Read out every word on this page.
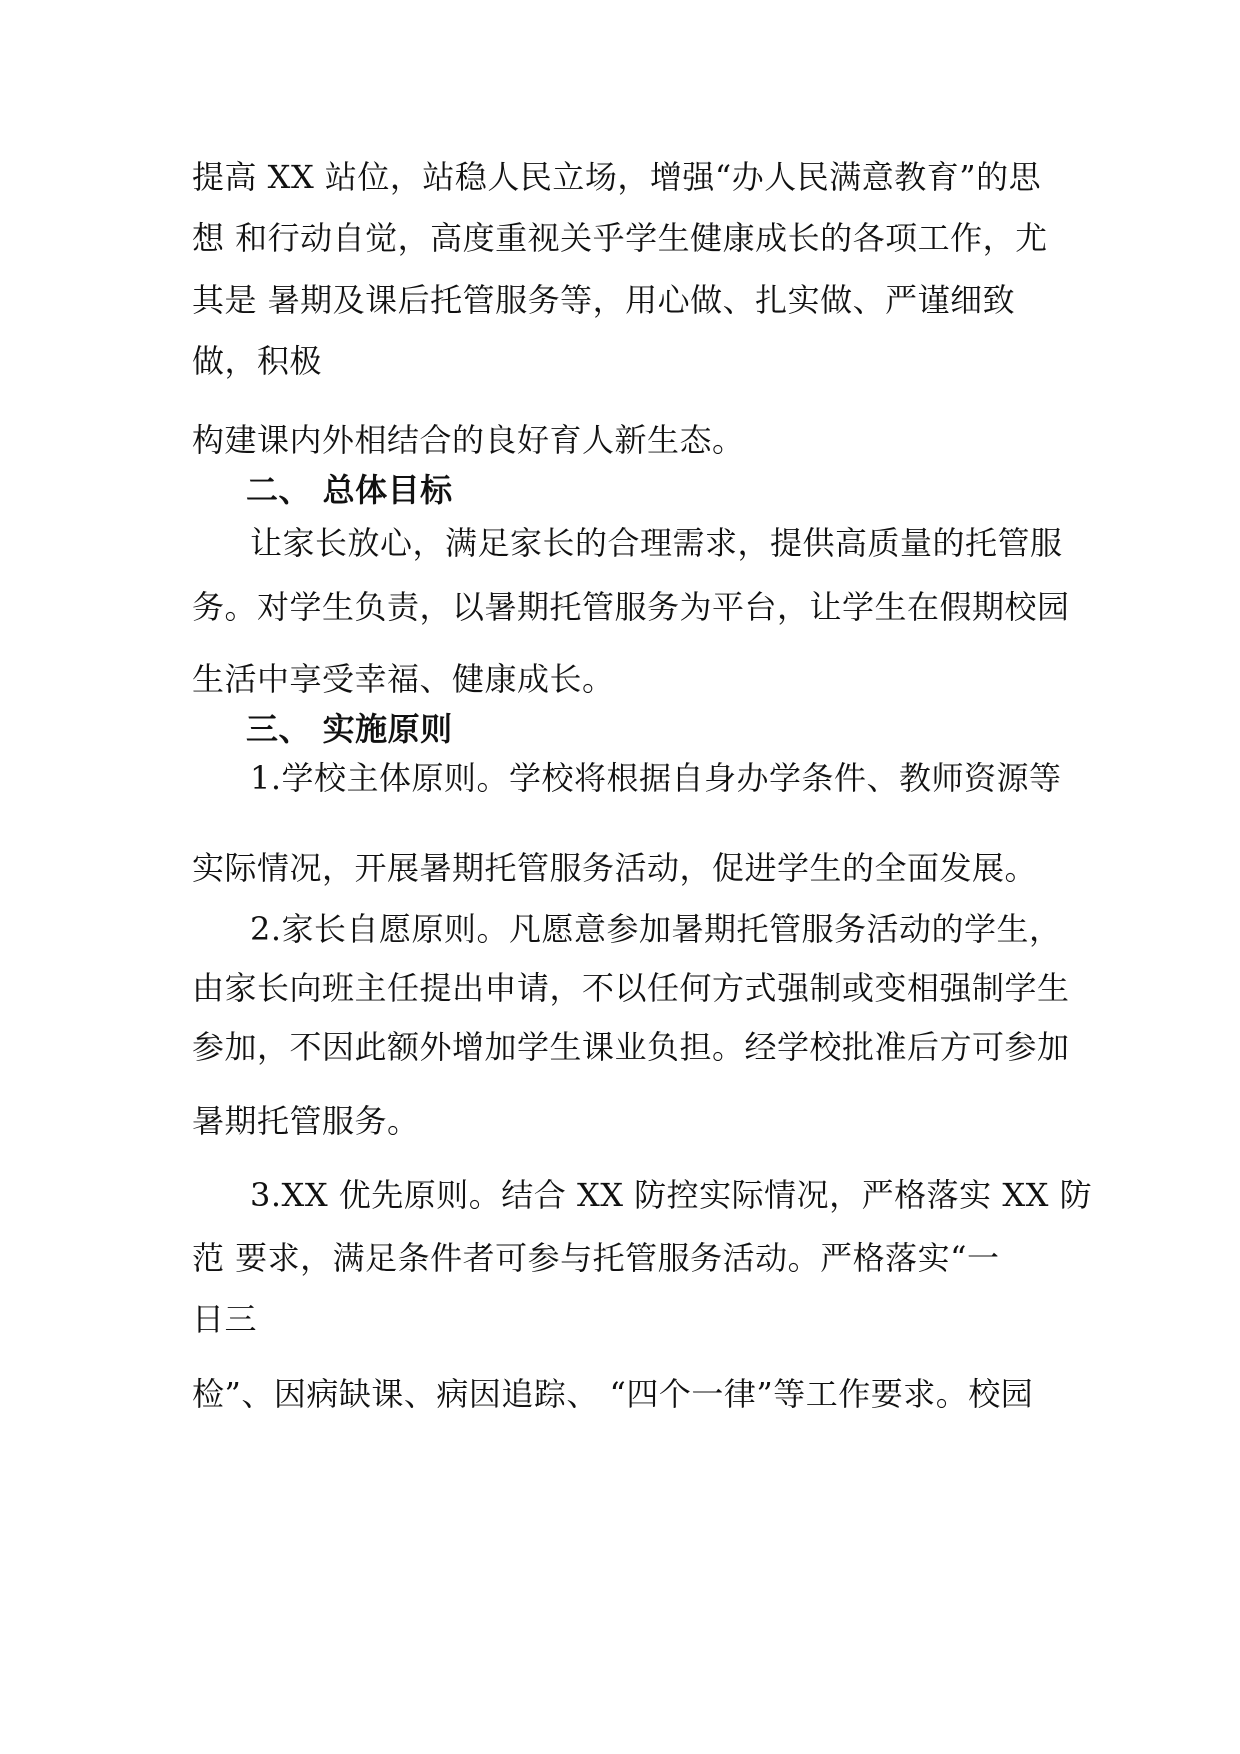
提高 XX 站位，站稳人民立场，增强“办人民满意教育”的思
想 和行动自觉，高度重视关乎学生健康成长的各项工作，尤
其是 暑期及课后托管服务等，用心做、扎实做、严谨细致
做，积极
构建课内外相结合的良好育人新生态。
二、 总体目标
让家长放心，满足家长的合理需求，提供高质量的托管服
务。对学生负责，以暑期托管服务为平台，让学生在假期校园
生活中享受幸福、健康成长。
三、 实施原则
1.学校主体原则。学校将根据自身办学条件、教师资源等
实际情况，开展暑期托管服务活动，促进学生的全面发展。
2.家长自愿原则。凡愿意参加暑期托管服务活动的学生，
由家长向班主任提出申请，不以任何方式强制或变相强制学生
参加，不因此额外增加学生课业负担。经学校批准后方可参加
暑期托管服务。
3.XX 优先原则。结合 XX 防控实际情况，严格落实 XX 防
范 要求，满足条件者可参与托管服务活动。严格落实“一
日三
检”、因病缺课、病因追踪、 “四个一律”等工作要求。校园
